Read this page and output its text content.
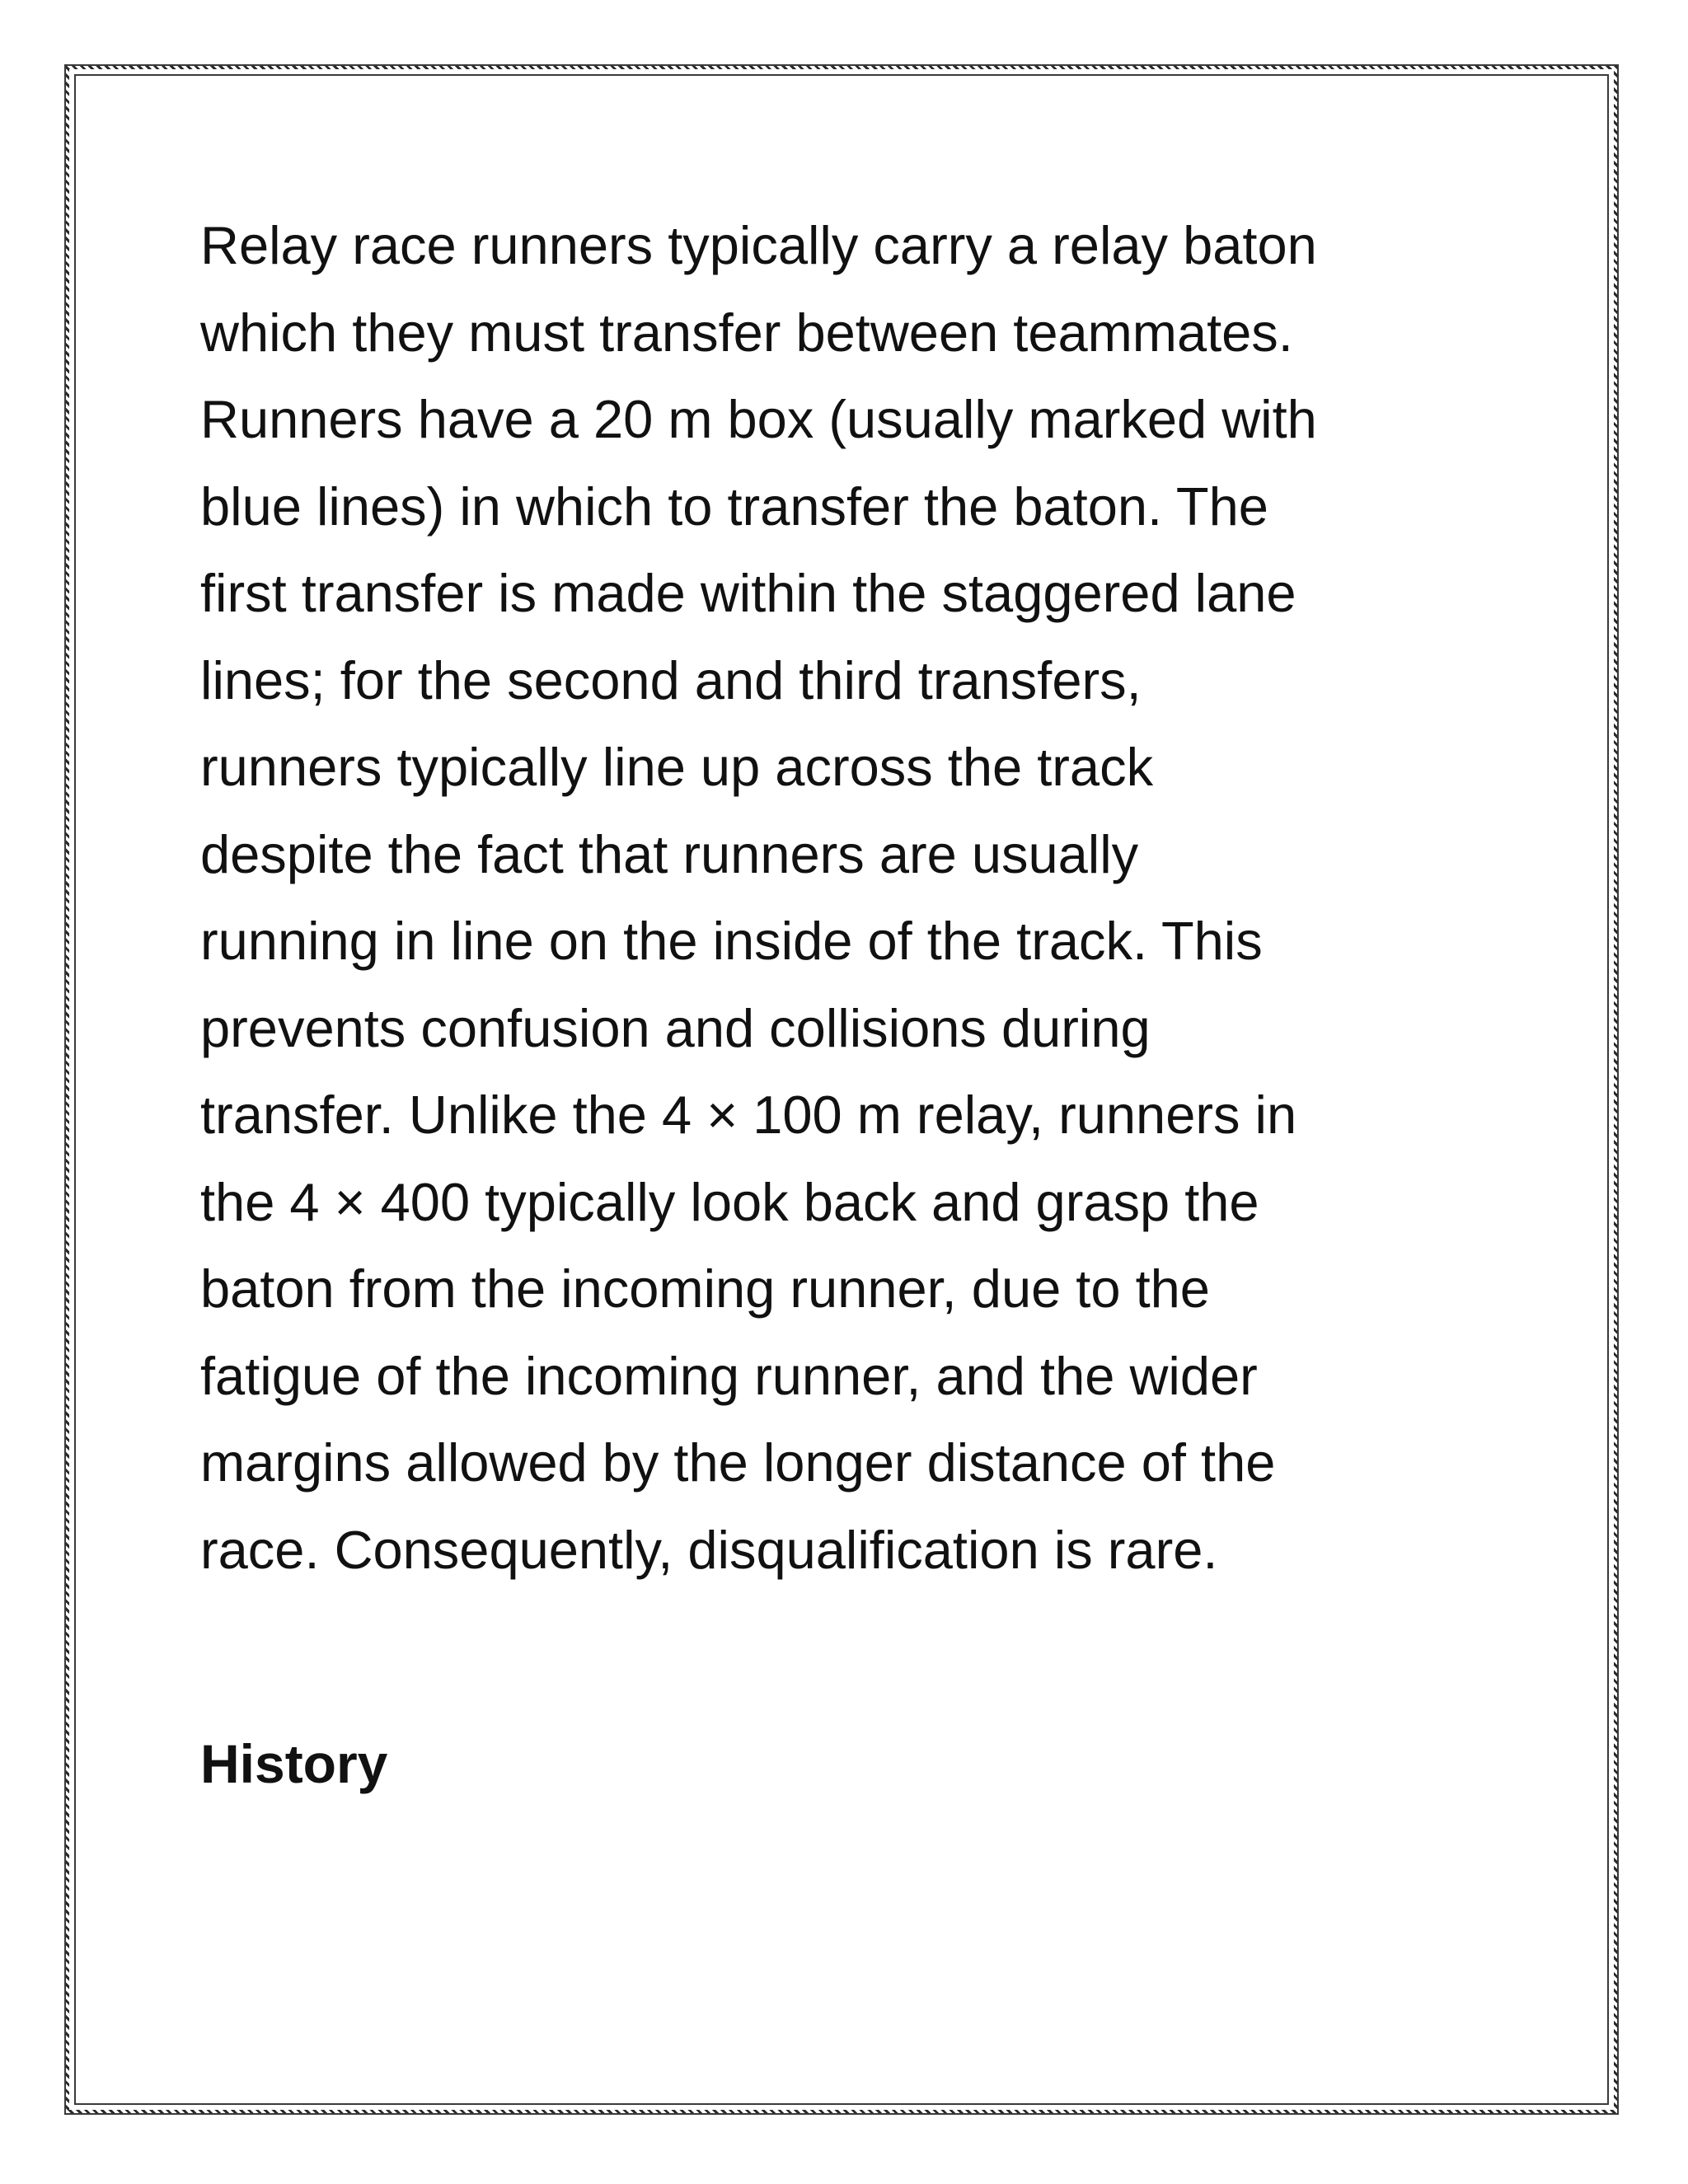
Relay race runners typically carry a relay baton
which they must transfer between teammates.
Runners have a 20 m box (usually marked with
blue lines) in which to transfer the baton. The
first transfer is made within the staggered lane
lines; for the second and third transfers,
runners typically line up across the track
despite the fact that runners are usually
running in line on the inside of the track. This
prevents confusion and collisions during
transfer. Unlike the 4 × 100 m relay, runners in
the 4 × 400 typically look back and grasp the
baton from the incoming runner, due to the
fatigue of the incoming runner, and the wider
margins allowed by the longer distance of the
race. Consequently, disqualification is rare.

History
